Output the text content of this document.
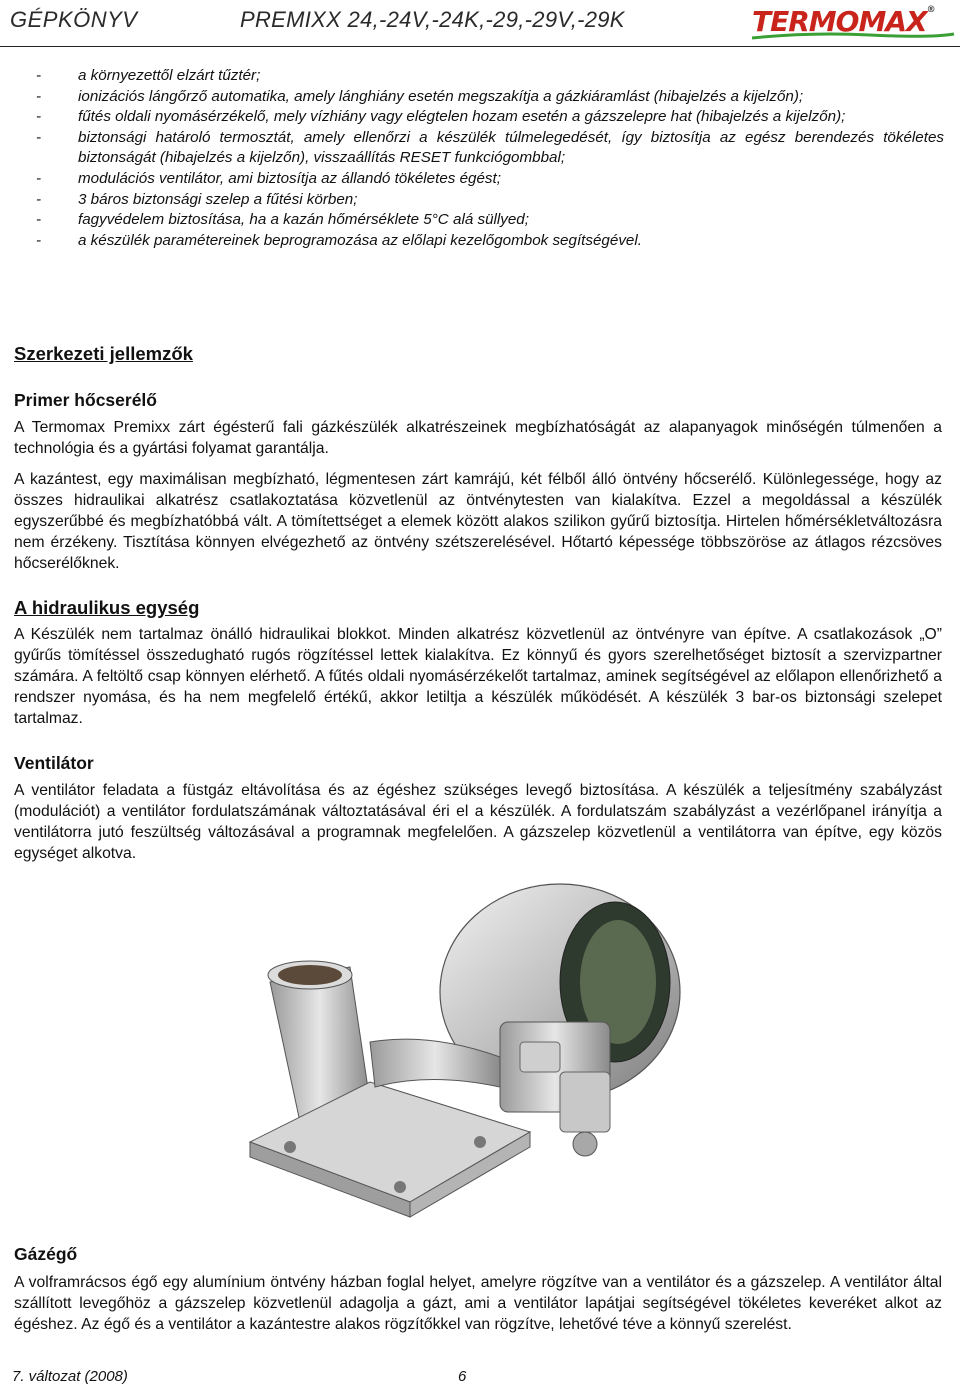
GÉPKÖNYV	PREMIXX 24,-24V,-24K,-29,-29V,-29K	TERMOMAX®
- a környezettől elzárt tűztér;
- ionizációs lángőrző automatika, amely lánghiány esetén megszakítja a gázkiáramlást (hibajelzés a kijelzőn);
- fűtés oldali nyomásérzékelő, mely vízhiány vagy elégtelen hozam esetén a gázszelepre hat (hibajelzés a kijelzőn);
- biztonsági határoló termosztát, amely ellenőrzi a készülék túlmelegedését, így biztosítja az egész berendezés tökéletes biztonságát (hibajelzés a kijelzőn), visszaállítás RESET funkciógombbal;
- modulációs ventilátor, ami biztosítja az állandó tökéletes égést;
- 3 báros biztonsági szelep a fűtési körben;
- fagyvédelem biztosítása, ha a kazán hőmérséklete 5°C alá süllyed;
- a készülék paramétereinek beprogramozása az előlapi kezelőgombok segítségével.
Szerkezeti jellemzők
Primer hőcserélő

A Termomax Premixx zárt égésterű fali gázkészülék alkatrészeinek megbízhatóságát az alapanyagok minőségén túlmenően a technológia és a gyártási folyamat garantálja.

A kazántest, egy maximálisan megbízható, légmentesen zárt kamrájú, két félből álló öntvény hőcserélő. Különlegessége, hogy az összes hidraulikai alkatrész csatlakoztatása közvetlenül az öntvénytesten van kialakítva. Ezzel a megoldással a készülék egyszerűbbé és megbízhatóbbá vált. A tömítettséget a elemek között alakos szilikon gyűrű biztosítja. Hirtelen hőmérsékletváltozásra nem érzékeny. Tisztítása könnyen elvégezhető az öntvény szétszerelésével. Hőtartó képessége többszöröse az átlagos rézcsöves hőcserélőknek.

A hidraulikus egység

A Készülék nem tartalmaz önálló hidraulikai blokkot. Minden alkatrész közvetlenül az öntvényre van építve. A csatlakozások „O” gyűrűs tömítéssel összedugható rugós rögzítéssel lettek kialakítva. Ez könnyű és gyors szerelhetőséget biztosít a szervizpartner számára. A feltöltő csap könnyen elérhető. A fűtés oldali nyomásérzékelőt tartalmaz, aminek segítségével az előlapon ellenőrizhető a rendszer nyomása, és ha nem megfelelő értékű, akkor letiltja a készülék működését. A készülék 3 bar-os biztonsági szelepet tartalmaz.

Ventilátor

A ventilátor feladata a füstgáz eltávolítása és az égéshez szükséges levegő biztosítása. A készülék a teljesítmény szabályzást (modulációt) a ventilátor fordulatszámának változtatásával éri el a készülék. A fordulatszám szabályzást a vezérlőpanel irányítja a ventilátorra jutó feszültség változásával a programnak megfelelően. A gázszelep közvetlenül a ventilátorra van építve, egy közös egységet alkotva.

Gázégő

A volframrácsos égő egy alumínium öntvény házban foglal helyet, amelyre rögzítve van a ventilátor és a gázszelep. A ventilátor által szállított levegőhöz a gázszelep közvetlenül adagolja a gázt, ami a ventilátor lapátjai segítségével tökéletes keveréket alkot az égéshez. Az égő és a ventilátor a kazántestre alakos rögzítőkkel van rögzítve, lehetővé téve a könnyű szerelést.

7. változat (2008)	6
